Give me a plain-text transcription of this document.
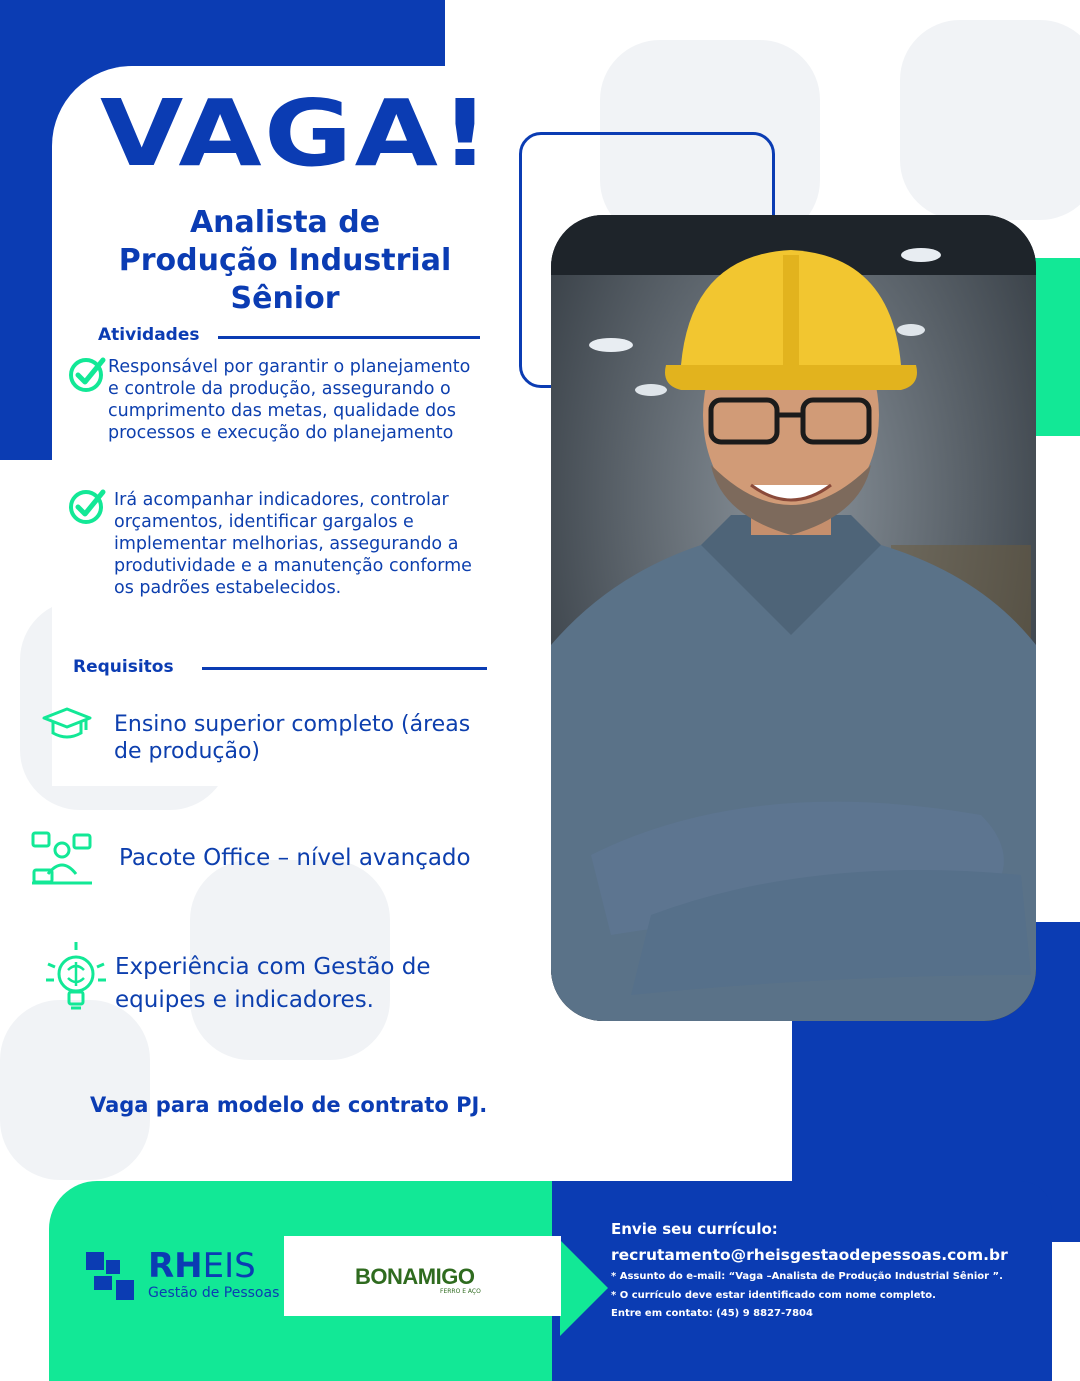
VAGA!
Analista de
Produção Industrial
Sênior
Atividades
Responsável por garantir o planejamento
e controle da produção, assegurando o
cumprimento das metas, qualidade dos
processos e execução do planejamento
Irá acompanhar indicadores, controlar
orçamentos, identificar gargalos e
implementar melhorias, assegurando a
produtividade e a manutenção conforme
os padrões estabelecidos.
Requisitos
Ensino superior completo (áreas
de produção)
Pacote Office – nível avançado
Experiência com Gestão de
equipes e indicadores.
Vaga para modelo de contrato PJ.
RHEIS
Gestão de Pessoas
BONAMIGO
FERRO E AÇO
Envie seu currículo:
recrutamento@rheisgestaodepessoas.com.br
* Assunto do e-mail: “Vaga –Analista de Produção Industrial Sênior ”.
* O currículo deve estar identificado com nome completo.
Entre em contato: (45) 9 8827-7804
